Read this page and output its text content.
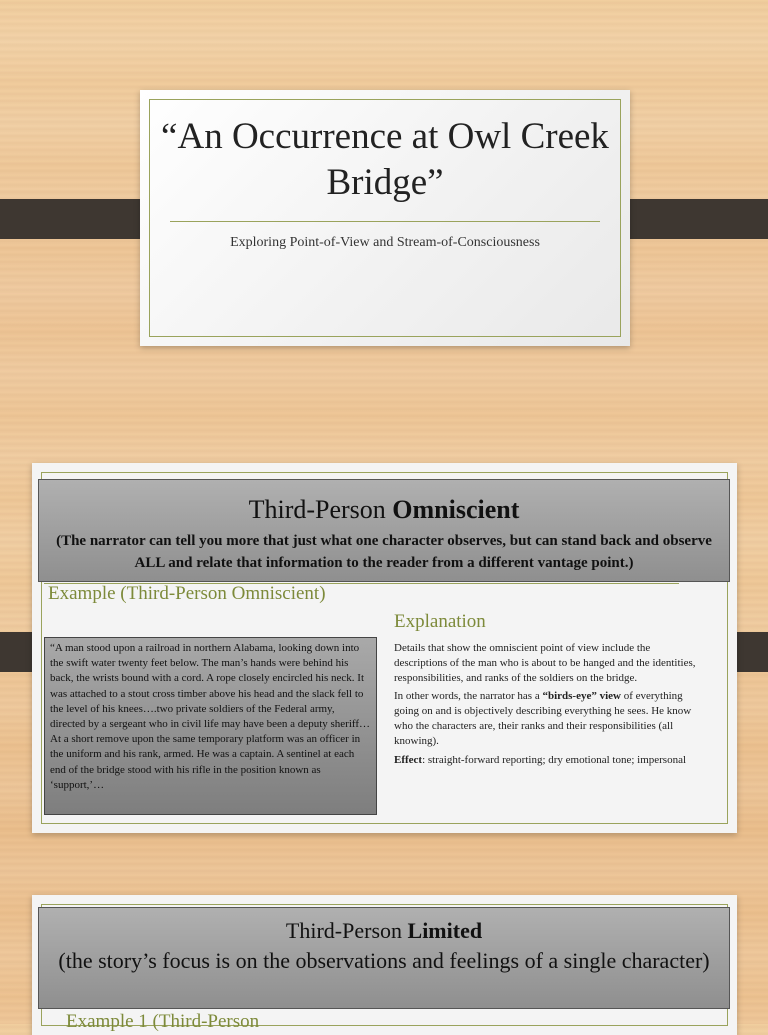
“An Occurrence at Owl Creek Bridge”
Exploring Point-of-View and Stream-of-Consciousness
Third-Person Omniscient
(The narrator can tell you more that just what one character observes, but can stand back and observe ALL and relate that information to the reader from a different vantage point.)
Example (Third-Person Omniscient)
Explanation
“A man stood upon a railroad in northern Alabama, looking down into the swift water twenty feet below. The man’s hands were behind his back, the wrists bound with a cord. A rope closely encircled his neck. It was attached to a stout cross timber above his head and the slack fell to the level of his knees….two private soldiers of the Federal army, directed by a sergeant who in civil life may have been a deputy sheriff…At a short remove upon the same temporary platform was an officer in the uniform and his rank, armed. He was a captain. A sentinel at each end of the bridge stood with his rifle in the position known as ‘support,’…

Details that show the omniscient point of view include the descriptions of the man who is about to be hanged and the identities, responsibilities, and ranks of the soldiers on the bridge.

In other words, the narrator has a “birds-eye” view of everything going on and is objectively describing everything he sees. He know who the characters are, their ranks and their responsibilities (all knowing).

Effect: straight-forward reporting; dry emotional tone; impersonal

Third-Person Limited
(the story’s focus is on the observations and feelings of a single character)
Example 1 (Third-Person
